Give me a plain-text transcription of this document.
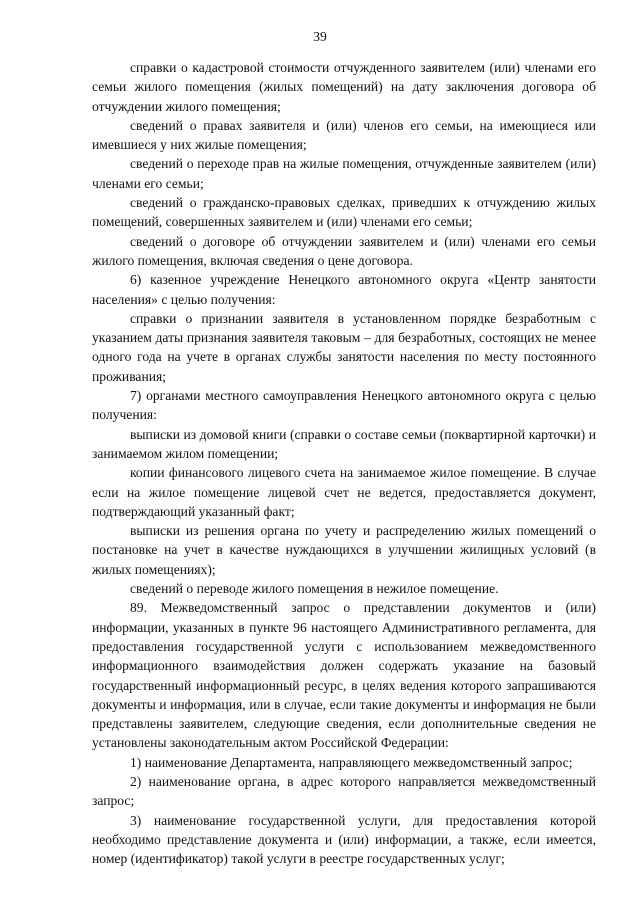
39

справки о кадастровой стоимости отчужденного заявителем (или) членами его семьи жилого помещения (жилых помещений) на дату заключения договора об отчуждении жилого помещения;

сведений о правах заявителя и (или) членов его семьи, на имеющиеся или имевшиеся у них жилые помещения;

сведений о переходе прав на жилые помещения, отчужденные заявителем (или) членами его семьи;

сведений о гражданско-правовых сделках, приведших к отчуждению жилых помещений, совершенных заявителем и (или) членами его семьи;

сведений о договоре об отчуждении заявителем и (или) членами его семьи жилого помещения, включая сведения о цене договора.

6) казенное учреждение Ненецкого автономного округа «Центр занятости населения» с целью получения:

справки о признании заявителя в установленном порядке безработным с указанием даты признания заявителя таковым – для безработных, состоящих не менее одного года на учете в органах службы занятости населения по месту постоянного проживания;

7) органами местного самоуправления Ненецкого автономного округа с целью получения:

выписки из домовой книги (справки о составе семьи (поквартирной карточки) и занимаемом жилом помещении;

копии финансового лицевого счета на занимаемое жилое помещение. В случае если на жилое помещение лицевой счет не ведется, предоставляется документ, подтверждающий указанный факт;

выписки из решения органа по учету и распределению жилых помещений о постановке на учет в качестве нуждающихся в улучшении жилищных условий (в жилых помещениях);

сведений о переводе жилого помещения в нежилое помещение.

89. Межведомственный запрос о представлении документов и (или) информации, указанных в пункте 96 настоящего Административного регламента, для предоставления государственной услуги с использованием межведомственного информационного взаимодействия должен содержать указание на базовый государственный информационный ресурс, в целях ведения которого запрашиваются документы и информация, или в случае, если такие документы и информация не были представлены заявителем, следующие сведения, если дополнительные сведения не установлены законодательным актом Российской Федерации:

1) наименование Департамента, направляющего межведомственный запрос;

2) наименование органа, в адрес которого направляется межведомственный запрос;

3) наименование государственной услуги, для предоставления которой необходимо представление документа и (или) информации, а также, если имеется, номер (идентификатор) такой услуги в реестре государственных услуг;
